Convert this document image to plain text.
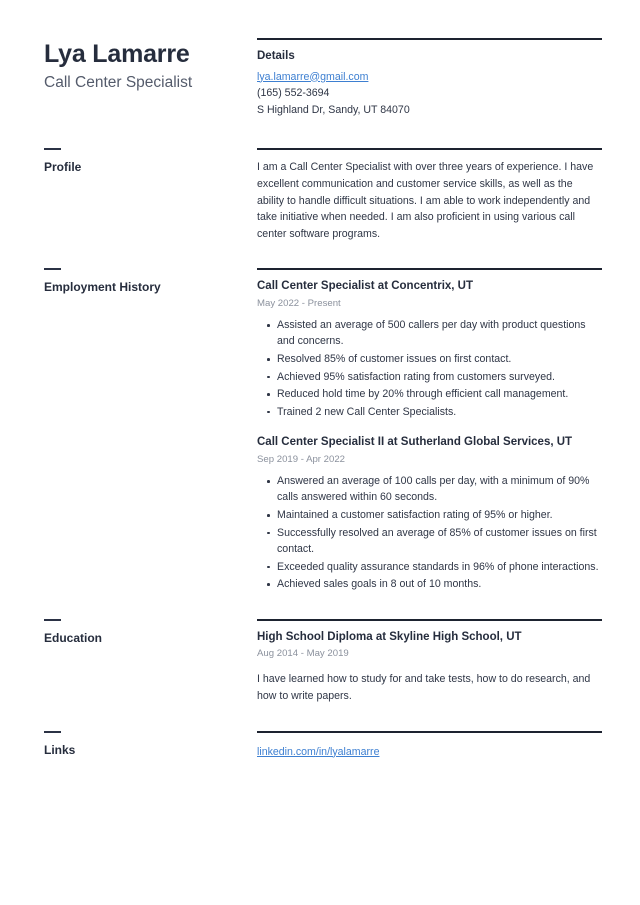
Lya Lamarre

Call Center Specialist

Details
lya.lamarre@gmail.com
(165) 552-3694
S Highland Dr, Sandy, UT 84070
Profile	I am a Call Center Specialist with over three years of experience. I have excellent communication and customer service skills, as well as the ability to handle difficult situations. I am able to work independently and take initiative when needed. I am also proficient in using various call center software programs.

Employment History	Call Center Specialist at Concentrix, UT
May 2022 - Present
Assisted an average of 500 callers per day with product questions and concerns.
Resolved 85% of customer issues on first contact.
Achieved 95% satisfaction rating from customers surveyed.
Reduced hold time by 20% through efficient call management.
Trained 2 new Call Center Specialists.
Call Center Specialist II at Sutherland Global Services, UT
Sep 2019 - Apr 2022
Answered an average of 100 calls per day, with a minimum of 90% calls answered within 60 seconds.
Maintained a customer satisfaction rating of 95% or higher.
Successfully resolved an average of 85% of customer issues on first contact.
Exceeded quality assurance standards in 96% of phone interactions.
Achieved sales goals in 8 out of 10 months.
Education	High School Diploma at Skyline High School, UT
Aug 2014 - May 2019

I have learned how to study for and take tests, how to do research, and how to write papers.

Links	linkedin.com/in/lyalamarre
